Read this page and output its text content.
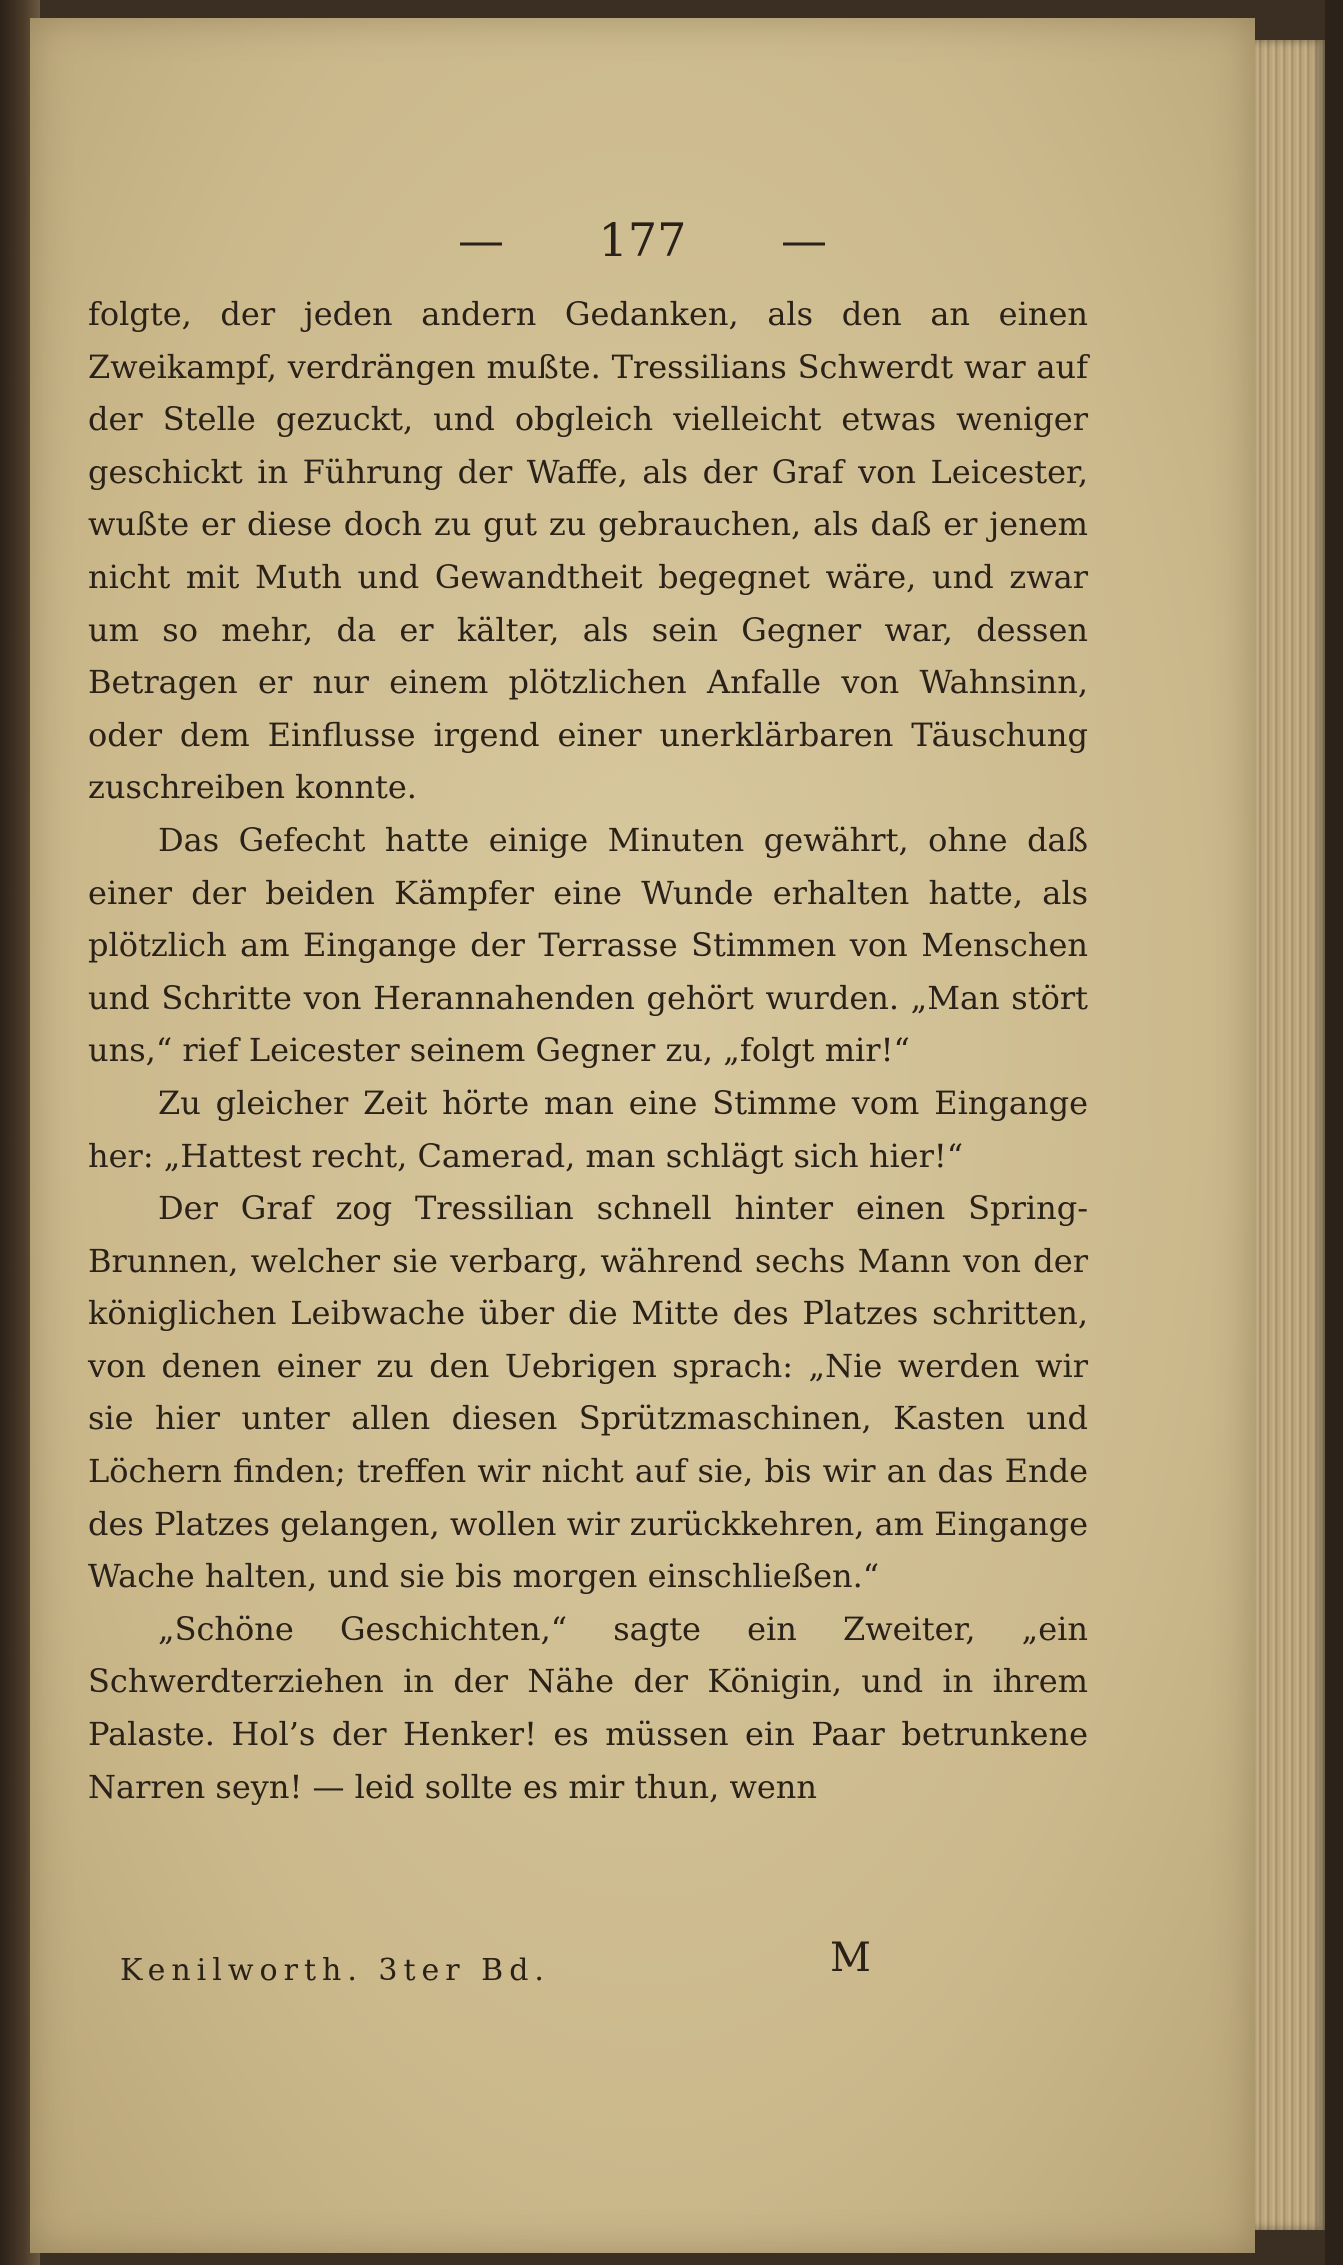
— 177 —

folgte, der jeden andern Gedanken, als den an einen Zweikampf, verdrängen mußte. Tressilians Schwerdt war auf der Stelle gezuckt, und obgleich vielleicht etwas weniger geschickt in Führung der Waffe, als der Graf von Leicester, wußte er diese doch zu gut zu gebrauchen, als daß er jenem nicht mit Muth und Gewandtheit begegnet wäre, und zwar um so mehr, da er kälter, als sein Gegner war, dessen Betragen er nur einem plötzlichen Anfalle von Wahnsinn, oder dem Einflusse irgend einer unerklärbaren Täuschung zuschreiben konnte.

Das Gefecht hatte einige Minuten gewährt, ohne daß einer der beiden Kämpfer eine Wunde erhalten hatte, als plötzlich am Eingange der Terrasse Stimmen von Menschen und Schritte von Herannahenden gehört wurden. „Man stört uns,“ rief Leicester seinem Gegner zu, „folgt mir!“

Zu gleicher Zeit hörte man eine Stimme vom Eingange her: „Hattest recht, Camerad, man schlägt sich hier!“

Der Graf zog Tressilian schnell hinter einen Spring-Brunnen, welcher sie verbarg, während sechs Mann von der königlichen Leibwache über die Mitte des Platzes schritten, von denen einer zu den Uebrigen sprach: „Nie werden wir sie hier unter allen diesen Sprützmaschinen, Kasten und Löchern finden; treffen wir nicht auf sie, bis wir an das Ende des Platzes gelangen, wollen wir zurückkehren, am Eingange Wache halten, und sie bis morgen einschließen.“

„Schöne Geschichten,“ sagte ein Zweiter, „ein Schwerdterziehen in der Nähe der Königin, und in ihrem Palaste. Hol’s der Henker! es müssen ein Paar betrunkene Narren seyn! — leid sollte es mir thun, wenn

Kenilworth. 3ter Bd.	M
